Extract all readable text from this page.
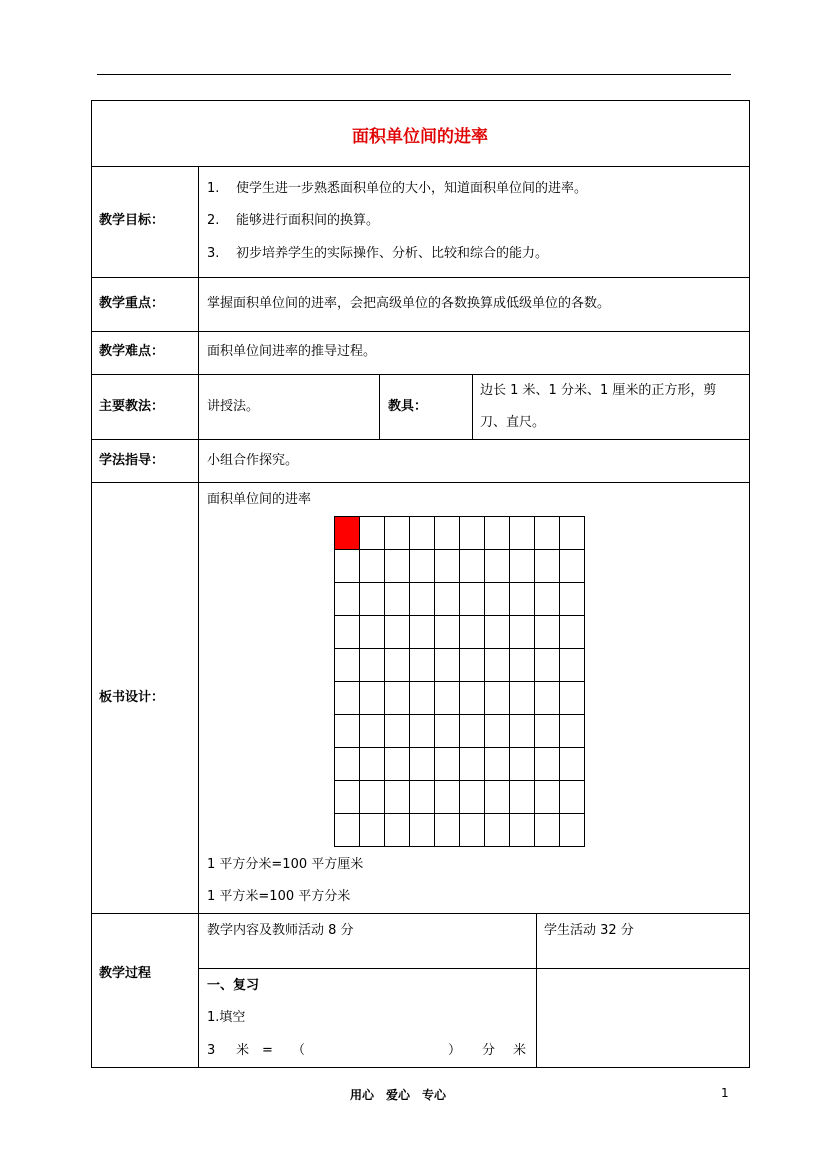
面积单位间的进率
教学目标：
1. 使学生进一步熟悉面积单位的大小，知道面积单位间的进率。
2. 能够进行面积间的换算。
3. 初步培养学生的实际操作、分析、比较和综合的能力。
教学重点：	掌握面积单位间的进率，会把高级单位的各数换算成低级单位的各数。
教学难点：	面积单位间进率的推导过程。
主要教法：	讲授法。	教具：
边长 1 米、1 分米、1 厘米的正方形，剪
刀、直尺。
学法指导：	小组合作探究。
板书设计：
面积单位间的进率
1 平方分米=100 平方厘米
1 平方米=100 平方分米
教学过程
教学内容及教师活动 8 分	学生活动 32 分
一、复习
1.填空
3 米 = （	） 分 米
用心　爱心　专心	1
